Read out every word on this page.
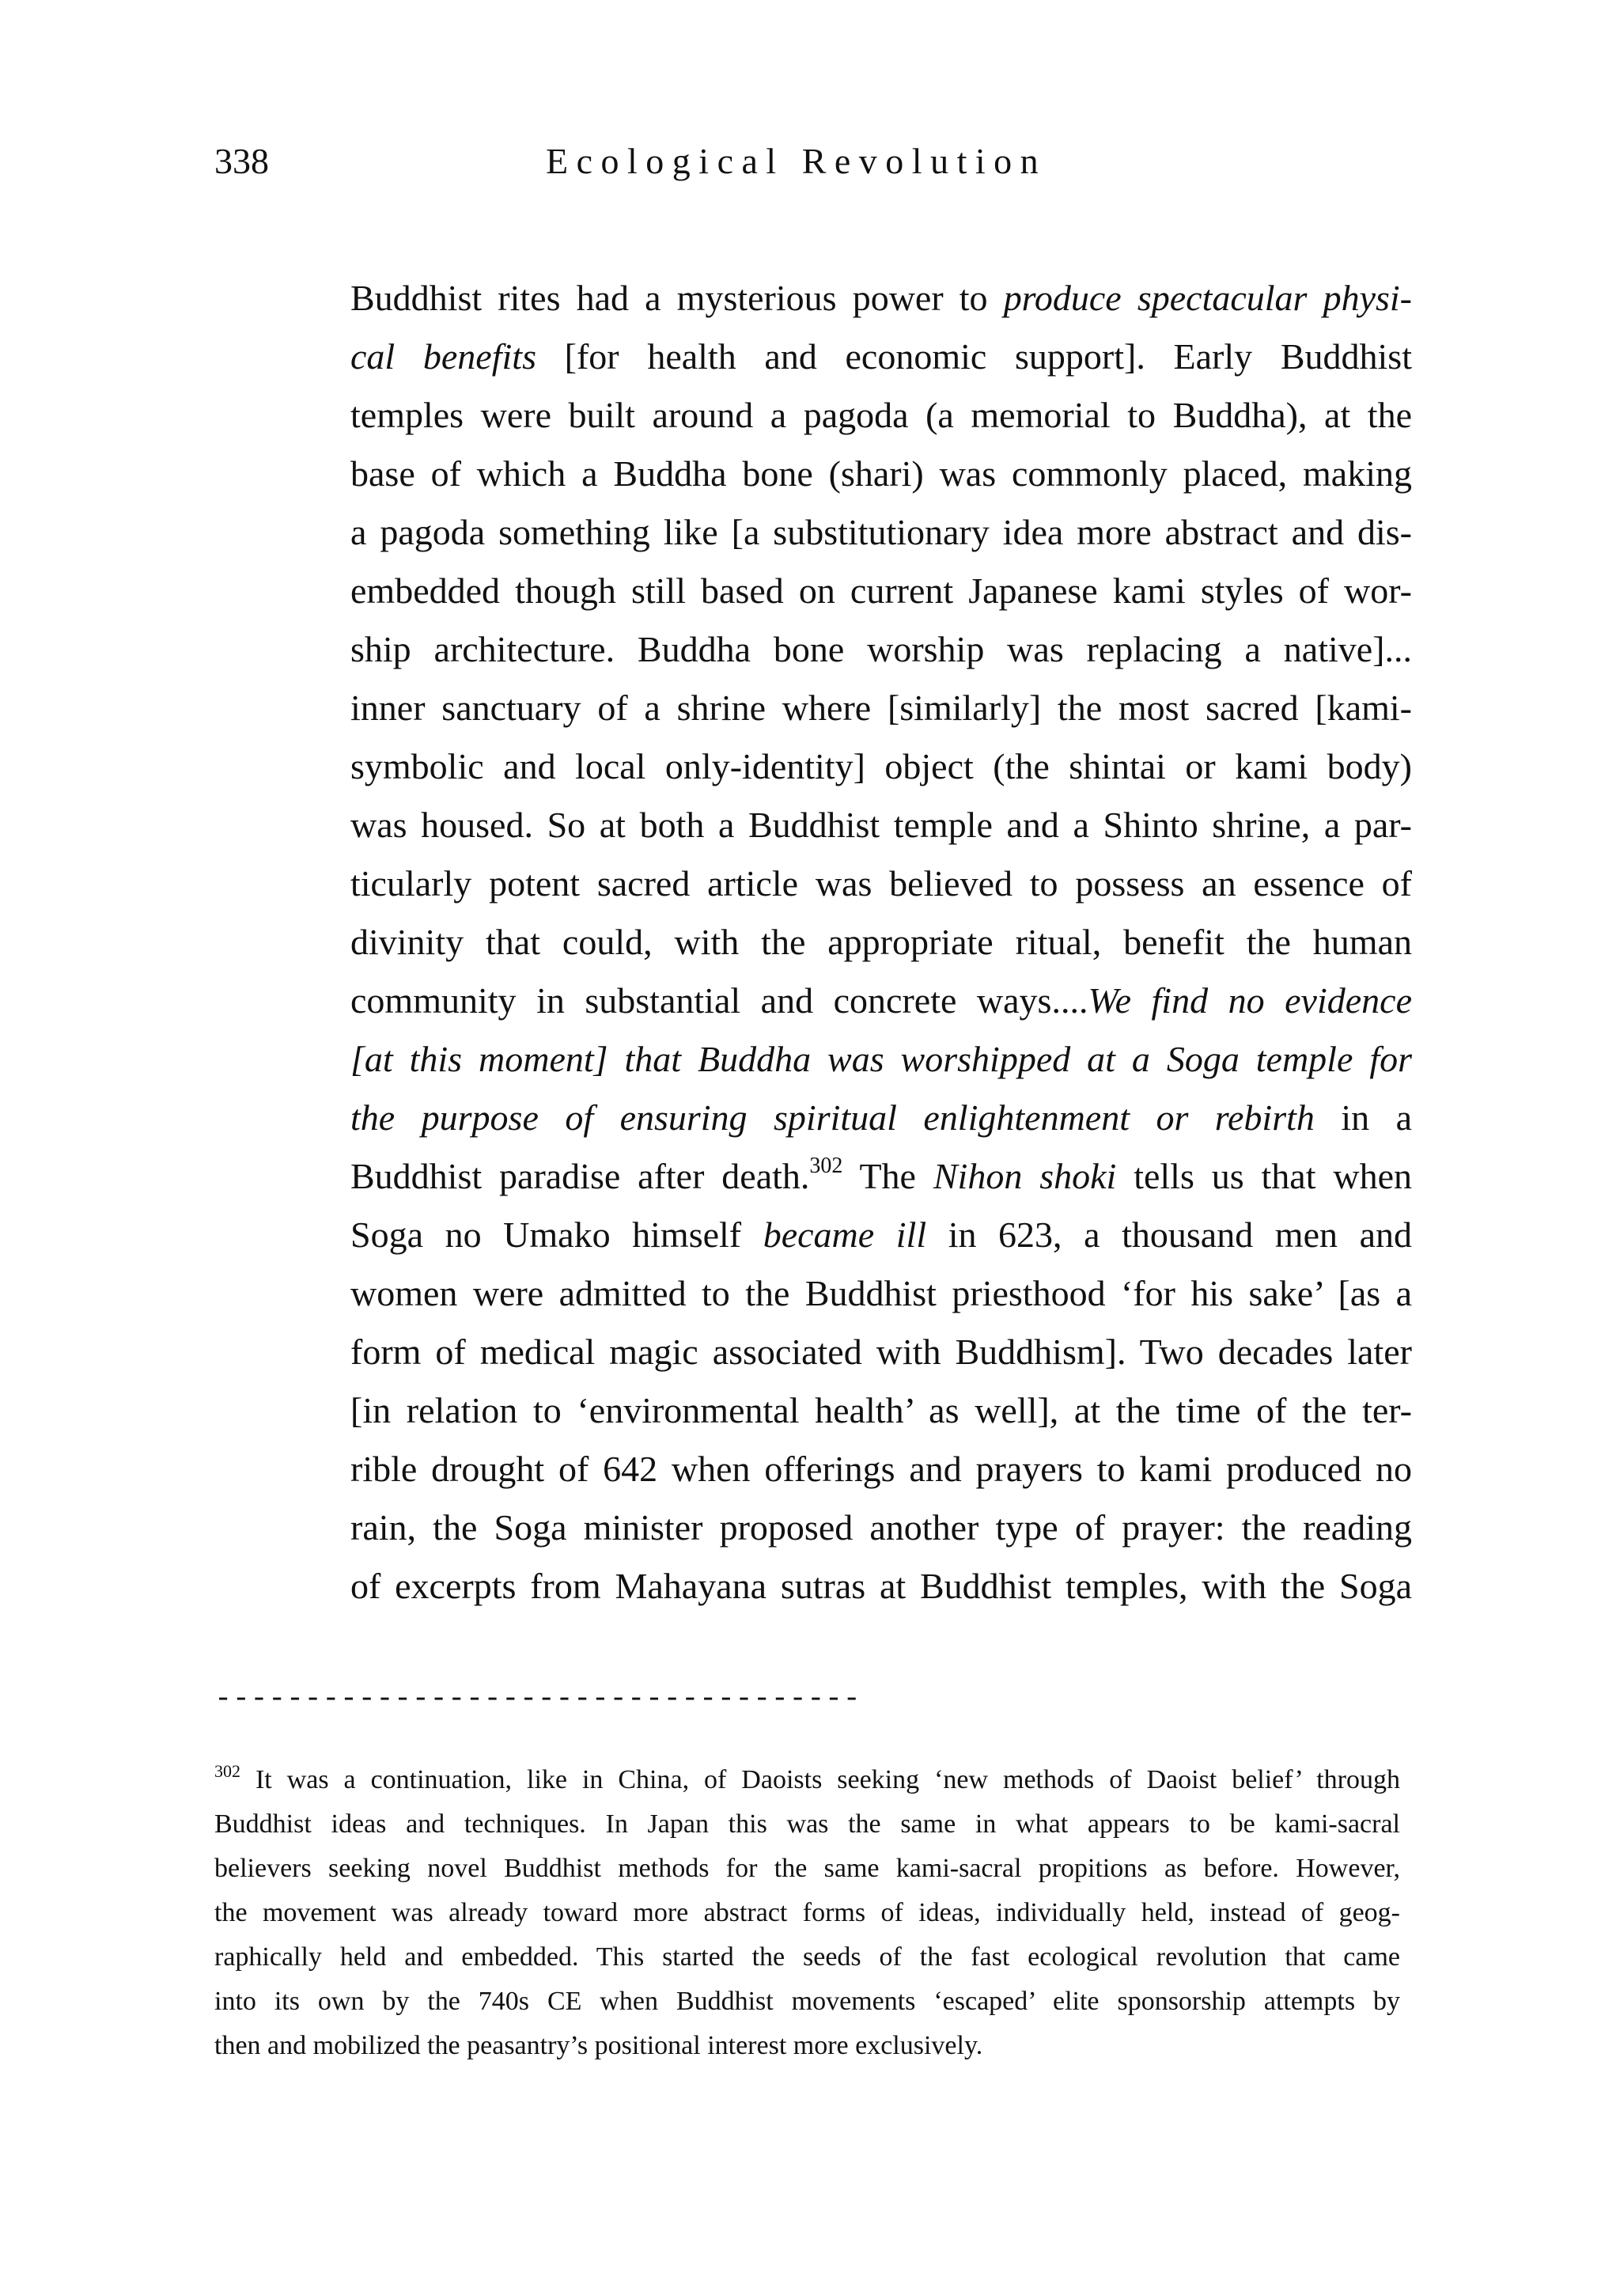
338	Ecological Revolution

Buddhist rites had a mysterious power to produce spectacular physi-
cal benefits [for health and economic support]. Early Buddhist
temples were built around a pagoda (a memorial to Buddha), at the
base of which a Buddha bone (shari) was commonly placed, making
a pagoda something like [a substitutionary idea more abstract and dis-
embedded though still based on current Japanese kami styles of wor-
ship architecture. Buddha bone worship was replacing a native]...
inner sanctuary of a shrine where [similarly] the most sacred [kami-
symbolic and local only-identity] object (the shintai or kami body)
was housed. So at both a Buddhist temple and a Shinto shrine, a par-
ticularly potent sacred article was believed to possess an essence of
divinity that could, with the appropriate ritual, benefit the human
community in substantial and concrete ways....We find no evidence
[at this moment] that Buddha was worshipped at a Soga temple for
the purpose of ensuring spiritual enlightenment or rebirth in a
Buddhist paradise after death.$^{302}$ The Nihon shoki tells us that when
Soga no Umako himself became ill in 623, a thousand men and
women were admitted to the Buddhist priesthood ‘for his sake’ [as a
form of medical magic associated with Buddhism]. Two decades later
[in relation to ‘environmental health’ as well], at the time of the ter-
rible drought of 642 when offerings and prayers to kami produced no
rain, the Soga minister proposed another type of prayer: the reading
of excerpts from Mahayana sutras at Buddhist temples, with the Soga

------------------------------------

$^{302}$ It was a continuation, like in China, of Daoists seeking ‘new methods of Daoist belief’ through
Buddhist ideas and techniques. In Japan this was the same in what appears to be kami-sacral
believers seeking novel Buddhist methods for the same kami-sacral propitions as before. However,
the movement was already toward more abstract forms of ideas, individually held, instead of geog-
raphically held and embedded. This started the seeds of the fast ecological revolution that came
into its own by the 740s CE when Buddhist movements ‘escaped’ elite sponsorship attempts by
then and mobilized the peasantry’s positional interest more exclusively.
